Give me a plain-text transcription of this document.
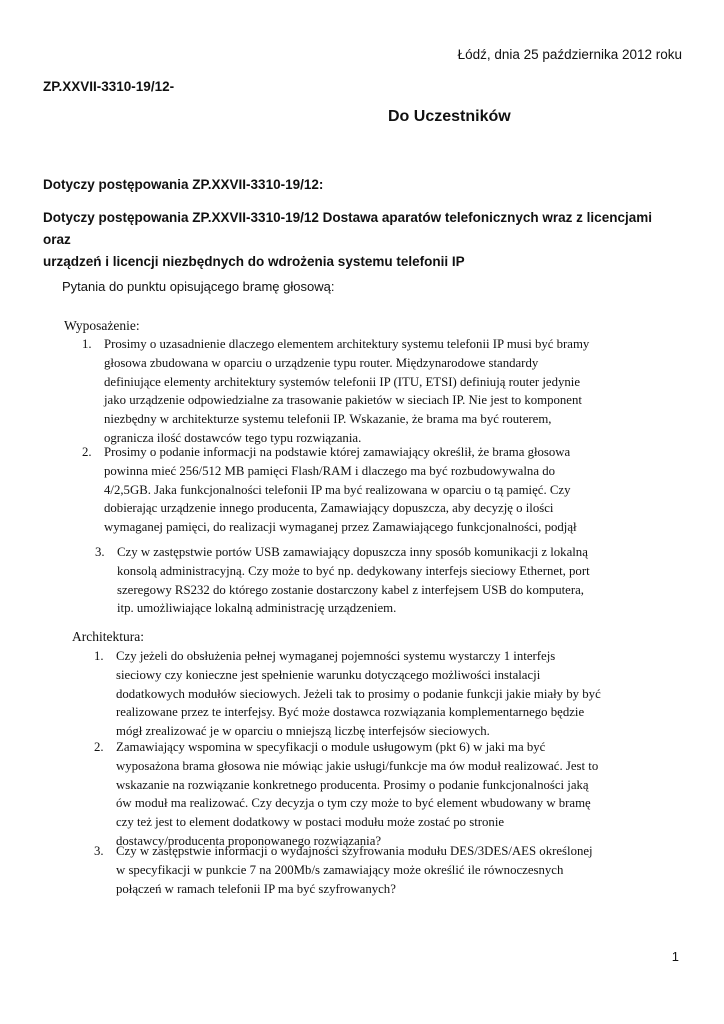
Łódź, dnia 25 października 2012 roku
ZP.XXVII-3310-19/12-
Do Uczestników
Dotyczy postępowania ZP.XXVII-3310-19/12:
Dotyczy postępowania ZP.XXVII-3310-19/12 Dostawa aparatów telefonicznych wraz z licencjami oraz
urządzeń i licencji niezbędnych do wdrożenia systemu telefonii IP
Pytania do punktu opisującego bramę głosową:
Wyposażenie:
1. Prosimy o uzasadnienie dlaczego elementem architektury systemu telefonii IP musi być bramy
głosowa zbudowana w oparciu o urządzenie typu router. Międzynarodowe standardy
definiujące elementy architektury systemów telefonii IP (ITU, ETSI) definiują router jedynie
jako urządzenie odpowiedzialne za trasowanie pakietów w sieciach IP. Nie jest to komponent
niezbędny w architekturze systemu telefonii IP. Wskazanie, że brama ma być routerem,
ogranicza ilość dostawców tego typu rozwiązania.
2. Prosimy o podanie informacji na podstawie której zamawiający określił, że brama głosowa
powinna mieć 256/512 MB pamięci Flash/RAM i dlaczego ma być rozbudowywalna do
4/2,5GB. Jaka funkcjonalności telefonii IP ma być realizowana w oparciu o tą pamięć. Czy
dobierając urządzenie innego producenta, Zamawiający dopuszcza, aby decyzję o ilości
wymaganej pamięci, do realizacji wymaganej przez Zamawiającego funkcjonalności, podjął
3. Czy w zastępstwie portów USB zamawiający dopuszcza inny sposób komunikacji z lokalną
konsolą administracyjną. Czy może to być np. dedykowany interfejs sieciowy Ethernet, port
szeregowy RS232 do którego zostanie dostarczony kabel z interfejsem USB do komputera,
itp. umożliwiające lokalną administrację urządzeniem.
Architektura:
1. Czy jeżeli do obsłużenia pełnej wymaganej pojemności systemu wystarczy 1 interfejs
sieciowy czy konieczne jest spełnienie warunku dotyczącego możliwości instalacji
dodatkowych modułów sieciowych. Jeżeli tak to prosimy o podanie funkcji jakie miały by być
realizowane przez te interfejsy. Być może dostawca rozwiązania komplementarnego będzie
mógł zrealizować je w oparciu o mniejszą liczbę interfejsów sieciowych.
2. Zamawiający wspomina w specyfikacji o module usługowym (pkt 6) w jaki ma być
wyposażona brama głosowa nie mówiąc jakie usługi/funkcje ma ów moduł realizować. Jest to
wskazanie na rozwiązanie konkretnego producenta. Prosimy o podanie funkcjonalności jaką
ów moduł ma realizować. Czy decyzja o tym czy może to być element wbudowany w bramę
czy też jest to element dodatkowy w postaci modułu może zostać po stronie
dostawcy/producenta proponowanego rozwiązania?
3. Czy w zastępstwie informacji o wydajności szyfrowania modułu DES/3DES/AES określonej
w specyfikacji w punkcie 7 na 200Mb/s zamawiający może określić ile równoczesnych
połączeń w ramach telefonii IP ma być szyfrowanych?
1
